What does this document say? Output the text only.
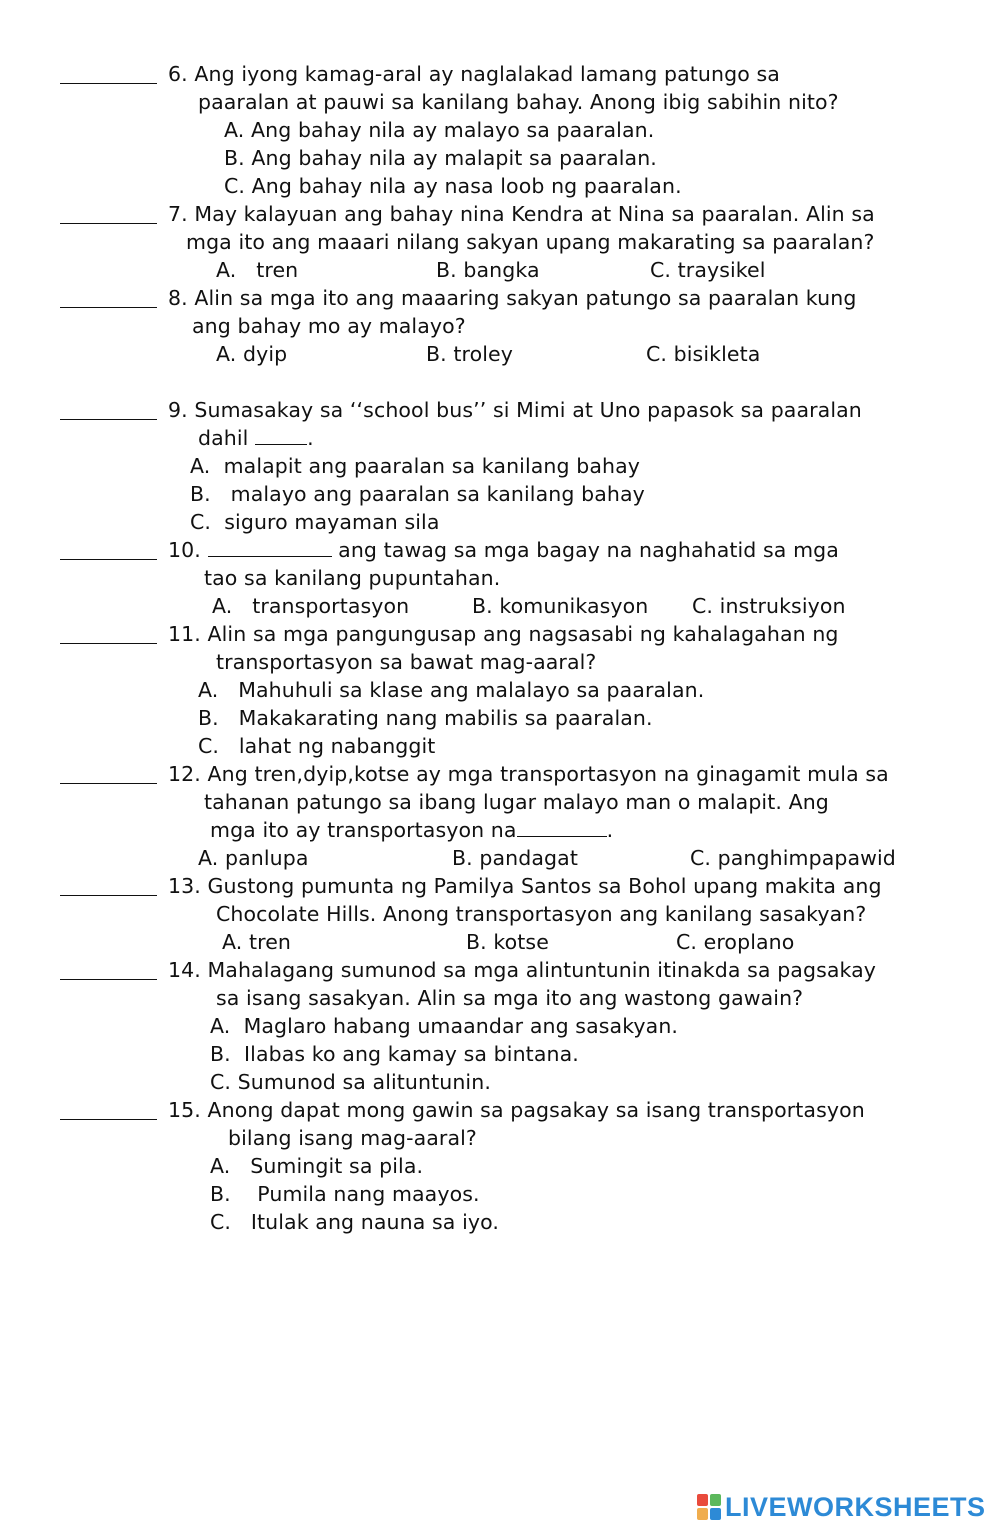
6. Ang iyong kamag-aral ay naglalakad lamang patungo sa
paaralan at pauwi sa kanilang bahay. Anong ibig sabihin nito?
A. Ang bahay nila ay malayo sa paaralan.
B. Ang bahay nila ay malapit sa paaralan.
C. Ang bahay nila ay nasa loob ng paaralan.
7. May kalayuan ang bahay nina Kendra at Nina sa paaralan. Alin sa
mga ito ang maaari nilang sakyan upang makarating sa paaralan?
A.   tren	B. bangka	C. traysikel
8. Alin sa mga ito ang maaaring sakyan patungo sa paaralan kung
ang bahay mo ay malayo?
A. dyip	B. troley	C. bisikleta
9. Sumasakay sa ‘‘school bus’’ si Mimi at Uno papasok sa paaralan
dahil	.
A.  malapit ang paaralan sa kanilang bahay
B.   malayo ang paaralan sa kanilang bahay
C.  siguro mayaman sila
10.	ang tawag sa mga bagay na naghahatid sa mga
tao sa kanilang pupuntahan.
A.   transportasyon	B. komunikasyon C. instruksiyon
11. Alin sa mga pangungusap ang nagsasabi ng kahalagahan ng
transportasyon sa bawat mag-aaral?
A.   Mahuhuli sa klase ang malalayo sa paaralan.
B.   Makakarating nang mabilis sa paaralan.
C.   lahat ng nabanggit
12. Ang tren,dyip,kotse ay mga transportasyon na ginagamit mula sa
tahanan patungo sa ibang lugar malayo man o malapit. Ang
mga ito ay transportasyon na	.
A. panlupa	B. pandagat	C. panghimpapawid
13. Gustong pumunta ng Pamilya Santos sa Bohol upang makita ang
Chocolate Hills. Anong transportasyon ang kanilang sasakyan?
A. tren	B. kotse	C. eroplano
14. Mahalagang sumunod sa mga alintuntunin itinakda sa pagsakay
sa isang sasakyan. Alin sa mga ito ang wastong gawain?
A.  Maglaro habang umaandar ang sasakyan.
B.  Ilabas ko ang kamay sa bintana.
C. Sumunod sa alituntunin.
15. Anong dapat mong gawin sa pagsakay sa isang transportasyon
bilang isang mag-aaral?
A.   Sumingit sa pila.
B.    Pumila nang maayos.
C.   Itulak ang nauna sa iyo.
LIVEWORKSHEETS
